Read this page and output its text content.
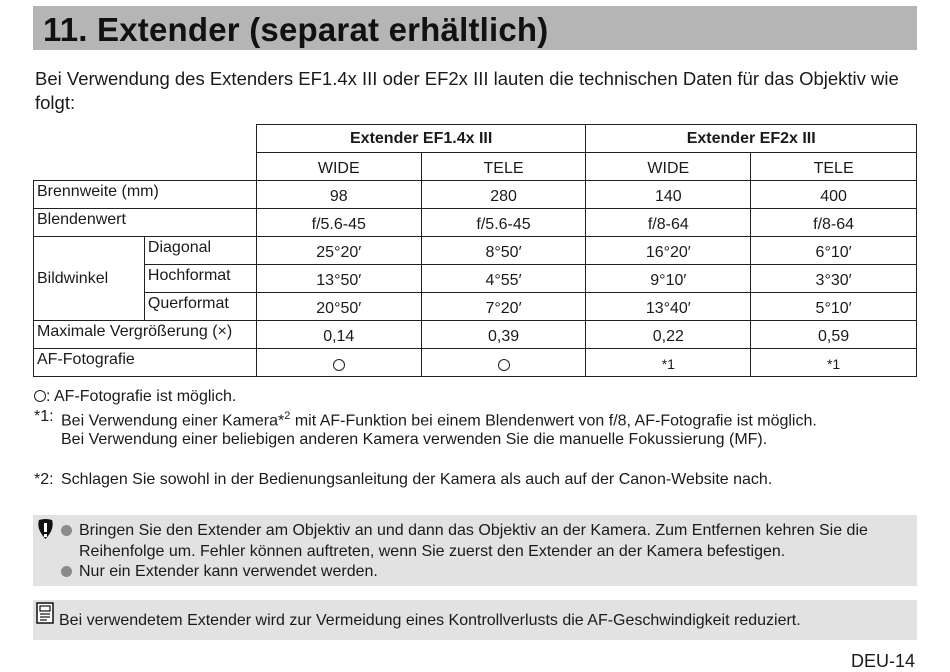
11. Extender (separat erhältlich)
Bei Verwendung des Extenders EF1.4x III oder EF2x III lauten die technischen Daten für das Objektiv wie folgt:
		Extender EF1.4x III		Extender EF2x III	
		WIDE	TELE	WIDE	TELE
Brennweite (mm)		98	280	140	400
Blendenwert		f/5.6-45	f/5.6-45	f/8-64	f/8-64
Bildwinkel	Diagonal	25°20′	8°50′	16°20′	6°10′
	Hochformat	13°50′	4°55′	9°10′	3°30′
	Querformat	20°50′	7°20′	13°40′	5°10′
Maximale Vergrößerung (×)		0,14	0,39	0,22	0,59
AF-Fotografie				*1	*1
: AF-Fotografie ist möglich.
*1: Bei Verwendung einer Kamera*$^2$ mit AF-Funktion bei einem Blendenwert von f/8, AF-Fotografie ist möglich.
Bei Verwendung einer beliebigen anderen Kamera verwenden Sie die manuelle Fokussierung (MF).
*2: Schlagen Sie sowohl in der Bedienungsanleitung der Kamera als auch auf der Canon-Website nach.
Bringen Sie den Extender am Objektiv an und dann das Objektiv an der Kamera. Zum Entfernen kehren Sie die Reihenfolge um. Fehler können auftreten, wenn Sie zuerst den Extender an der Kamera befestigen.
Nur ein Extender kann verwendet werden.
Bei verwendetem Extender wird zur Vermeidung eines Kontrollverlusts die AF-Geschwindigkeit reduziert.
DEU-14
